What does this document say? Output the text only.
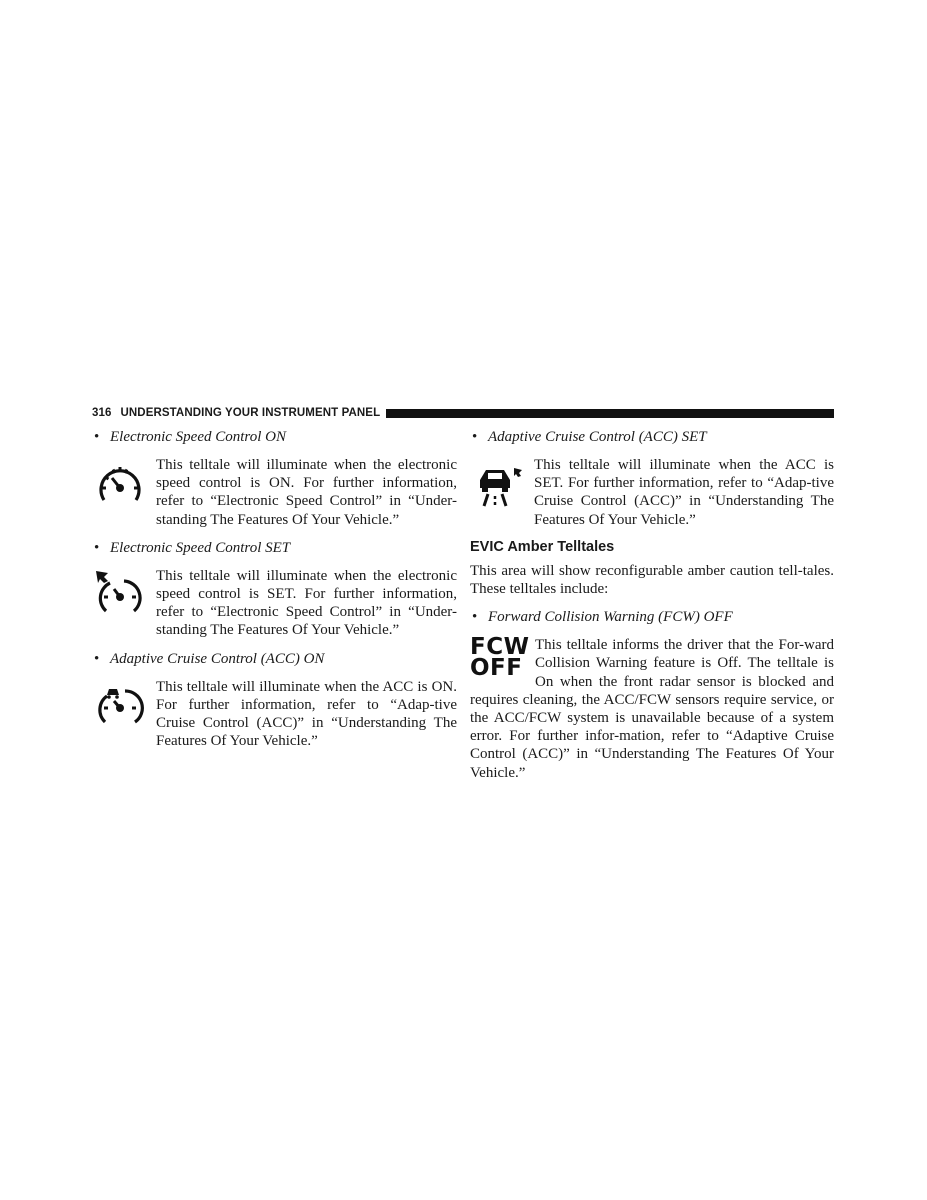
316 UNDERSTANDING YOUR INSTRUMENT PANEL
• Electronic Speed Control ON
This telltale will illuminate when the electronic speed control is ON. For further information, refer to “Electronic Speed Control” in “Under-standing The Features Of Your Vehicle.”
• Electronic Speed Control SET
This telltale will illuminate when the electronic speed control is SET. For further information, refer to “Electronic Speed Control” in “Under-standing The Features Of Your Vehicle.”
• Adaptive Cruise Control (ACC) ON
This telltale will illuminate when the ACC is ON. For further information, refer to “Adap-tive Cruise Control (ACC)” in “Understanding The Features Of Your Vehicle.”
• Adaptive Cruise Control (ACC) SET
This telltale will illuminate when the ACC is SET. For further information, refer to “Adap-tive Cruise Control (ACC)” in “Understanding The Features Of Your Vehicle.”
EVIC Amber Telltales
This area will show reconfigurable amber caution tell-tales. These telltales include:
• Forward Collision Warning (FCW) OFF
FCW
OFF
This telltale informs the driver that the For-ward Collision Warning feature is Off. The telltale is On when the front radar sensor is blocked and requires cleaning, the ACC/FCW sensors require service, or the ACC/FCW system is unavailable because of a system error. For further infor-mation, refer to “Adaptive Cruise Control (ACC)” in “Understanding The Features Of Your Vehicle.”
